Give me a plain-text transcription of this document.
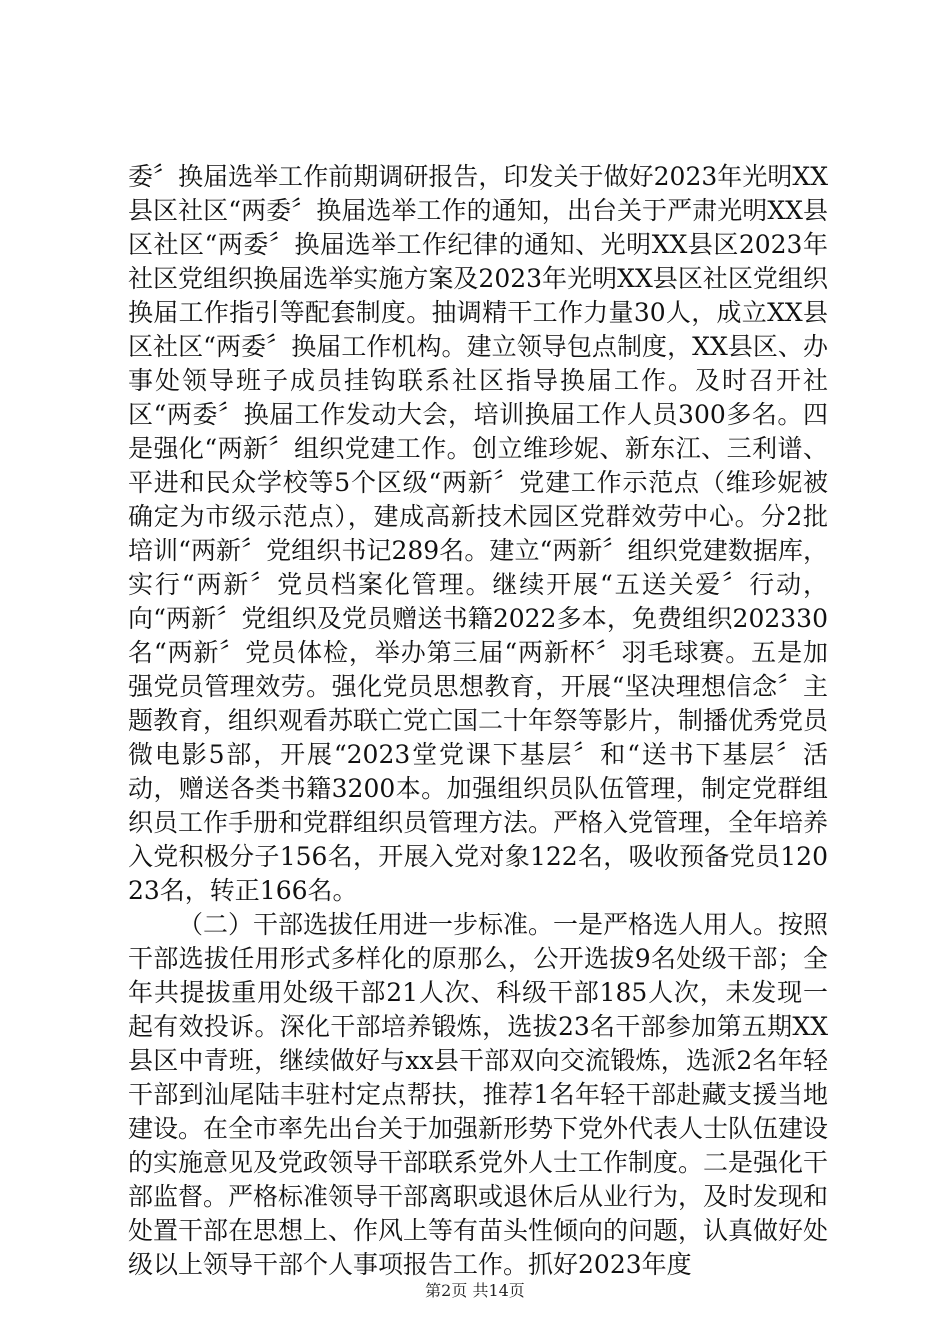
委〞换届选举工作前期调研报告，印发关于做好2023年光明XX县区社区“两委〞换届选举工作的通知，出台关于严肃光明XX县区社区“两委〞换届选举工作纪律的通知、光明XX县区2023年社区党组织换届选举实施方案及2023年光明XX县区社区党组织换届工作指引等配套制度。抽调精干工作力量30人，成立XX县区社区“两委〞换届工作机构。建立领导包点制度，XX县区、办事处领导班子成员挂钩联系社区指导换届工作。及时召开社区“两委〞换届工作发动大会，培训换届工作人员300多名。四是强化“两新〞组织党建工作。创立维珍妮、新东江、三利谱、平进和民众学校等5个区级“两新〞党建工作示范点（维珍妮被确定为市级示范点），建成高新技术园区党群效劳中心。分2批培训“两新〞党组织书记289名。建立“两新〞组织党建数据库，实行“两新〞党员档案化管理。继续开展“五送关爱〞行动，向“两新〞党组织及党员赠送书籍2022多本，免费组织202330名“两新〞党员体检，举办第三届“两新杯〞羽毛球赛。五是加强党员管理效劳。强化党员思想教育，开展“坚决理想信念〞主题教育，组织观看苏联亡党亡国二十年祭等影片，制播优秀党员微电影5部，开展“2023堂党课下基层〞和“送书下基层〞活动，赠送各类书籍3200本。加强组织员队伍管理，制定党群组织员工作手册和党群组织员管理方法。严格入党管理，全年培养入党积极分子156名，开展入党对象122名，吸收预备党员12023名，转正166名。

（二）干部选拔任用进一步标准。一是严格选人用人。按照干部选拔任用形式多样化的原那么，公开选拔9名处级干部；全年共提拔重用处级干部21人次、科级干部185人次，未发现一起有效投诉。深化干部培养锻炼，选拔23名干部参加第五期XX县区中青班，继续做好与xx县干部双向交流锻炼，选派2名年轻干部到汕尾陆丰驻村定点帮扶，推荐1名年轻干部赴藏支援当地建设。在全市率先出台关于加强新形势下党外代表人士队伍建设的实施意见及党政领导干部联系党外人士工作制度。二是强化干部监督。严格标准领导干部离职或退休后从业行为，及时发现和处置干部在思想上、作风上等有苗头性倾向的问题，认真做好处级以上领导干部个人事项报告工作。抓好2023年度

第2页 共14页
